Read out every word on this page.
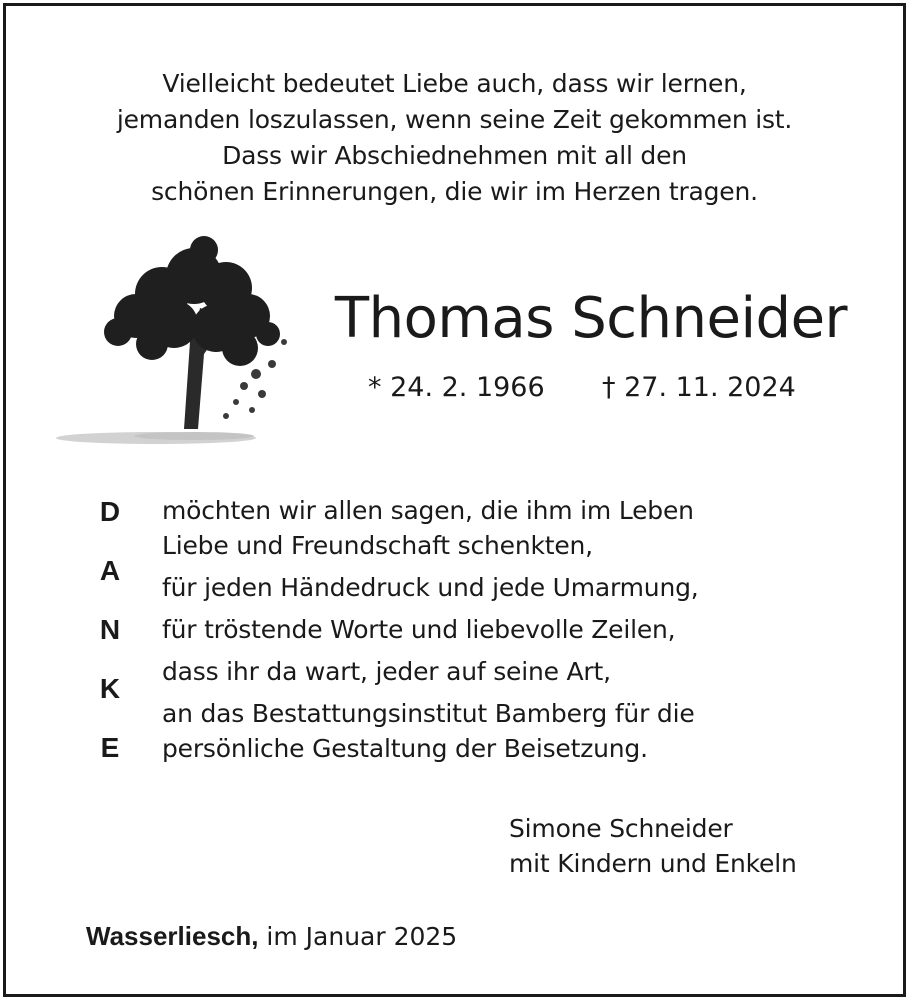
Vielleicht bedeutet Liebe auch, dass wir lernen,
jemanden loszulassen, wenn seine Zeit gekommen ist.
Dass wir Abschiednehmen mit all den
schönen Erinnerungen, die wir im Herzen tragen.
Thomas Schneider
* 24. 2. 1966 † 27. 11. 2024
D
A
N
K
E
möchten wir allen sagen, die ihm im Leben
Liebe und Freundschaft schenkten,
für jeden Händedruck und jede Umarmung,
für tröstende Worte und liebevolle Zeilen,
dass ihr da wart, jeder auf seine Art,
an das Bestattungsinstitut Bamberg für die
persönliche Gestaltung der Beisetzung.
Simone Schneider
mit Kindern und Enkeln
Wasserliesch, im Januar 2025
